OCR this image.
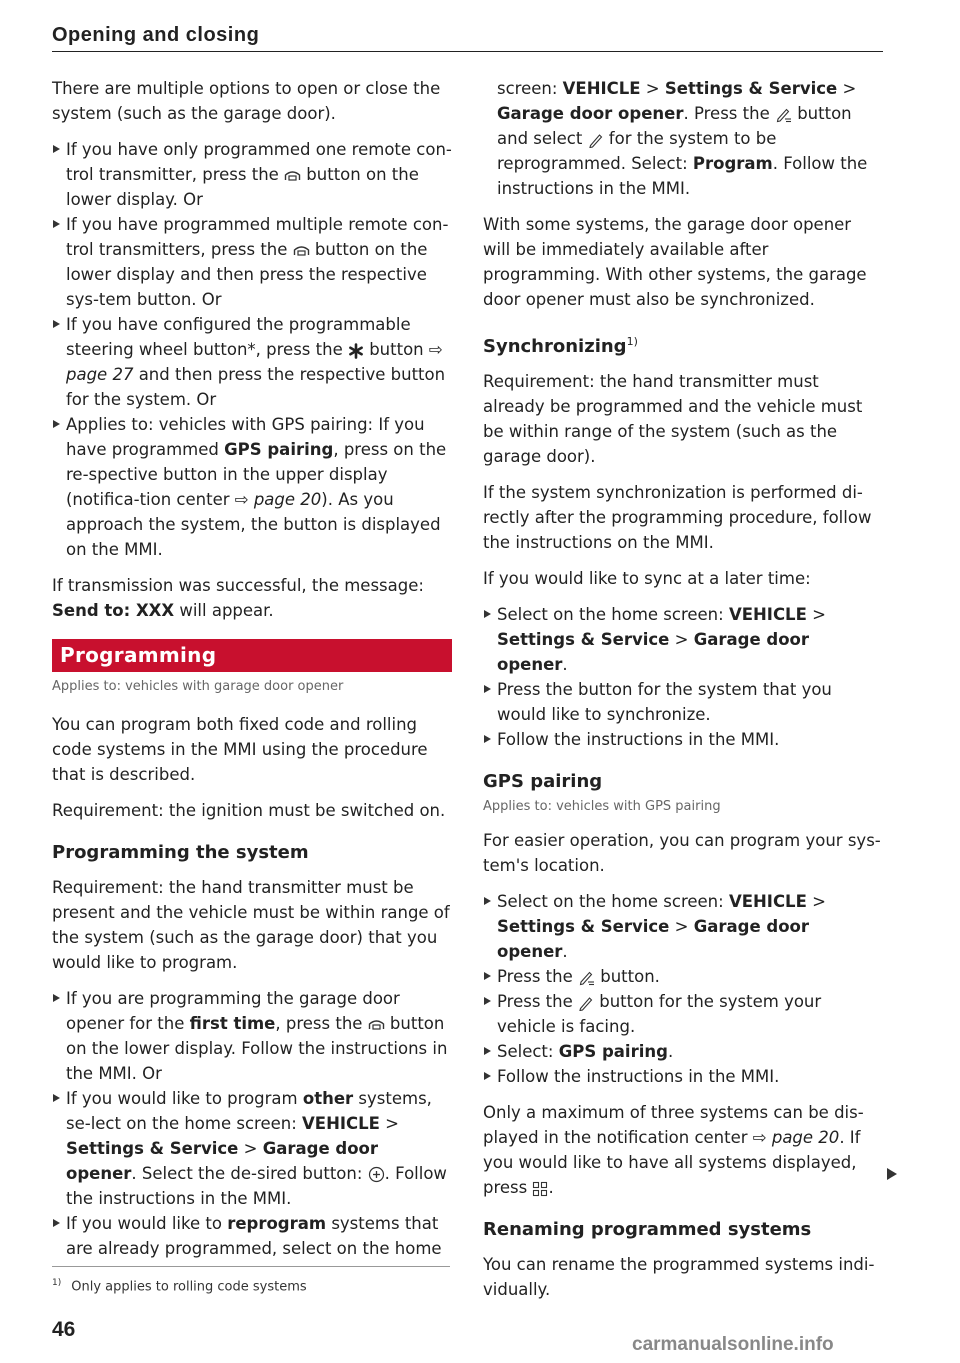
Opening and closing

There are multiple options to open or close the system (such as the garage door).

If you have only programmed one remote con-trol transmitter, press the  button on the lower display. Or
If you have programmed multiple remote con-trol transmitters, press the  button on the lower display and then press the respective sys-tem button. Or
If you have configured the programmable steering wheel button*, press the  button ⇨ page 27 and then press the respective button for the system. Or
Applies to: vehicles with GPS pairing: If you have programmed GPS pairing, press on the re-spective button in the upper display (notifica-tion center ⇨ page 20). As you approach the system, the button is displayed on the MMI.

If transmission was successful, the message: Send to: XXX will appear.

Programming
Applies to: vehicles with garage door opener

You can program both fixed code and rolling code systems in the MMI using the procedure that is described.

Requirement: the ignition must be switched on.

Programming the system

Requirement: the hand transmitter must be present and the vehicle must be within range of the system (such as the garage door) that you would like to program.

If you are programming the garage door opener for the first time, press the  button on the lower display. Follow the instructions in the MMI. Or
If you would like to program other systems, se-lect on the home screen: VEHICLE > Settings & Service > Garage door opener. Select the de-sired button: . Follow the instructions in the MMI.
If you would like to reprogram systems that are already programmed, select on the home
$^{1)}$ Only applies to rolling code systems
46

screen: VEHICLE > Settings & Service > Garage door opener. Press the  button and select  for the system to be reprogrammed. Select: Program. Follow the instructions in the MMI.

With some systems, the garage door opener will be immediately available after programming. With other systems, the garage door opener must also be synchronized.

Synchronizing$^{1)}$

Requirement: the hand transmitter must already be programmed and the vehicle must be within range of the system (such as the garage door).

If the system synchronization is performed di-rectly after the programming procedure, follow the instructions on the MMI.

If you would like to sync at a later time:

Select on the home screen: VEHICLE > Settings & Service > Garage door opener.
Press the button for the system that you would like to synchronize.
Follow the instructions in the MMI.
GPS pairing
Applies to: vehicles with GPS pairing

For easier operation, you can program your sys-tem's location.

Select on the home screen: VEHICLE > Settings & Service > Garage door opener.
Press the  button.
Press the  button for the system your vehicle is facing.
Select: GPS pairing.
Follow the instructions in the MMI.

Only a maximum of three systems can be dis-played in the notification center ⇨ page 20. If you would like to have all systems displayed, press .

Renaming programmed systems

You can rename the programmed systems indi-vidually.

carmanualsonline.info
